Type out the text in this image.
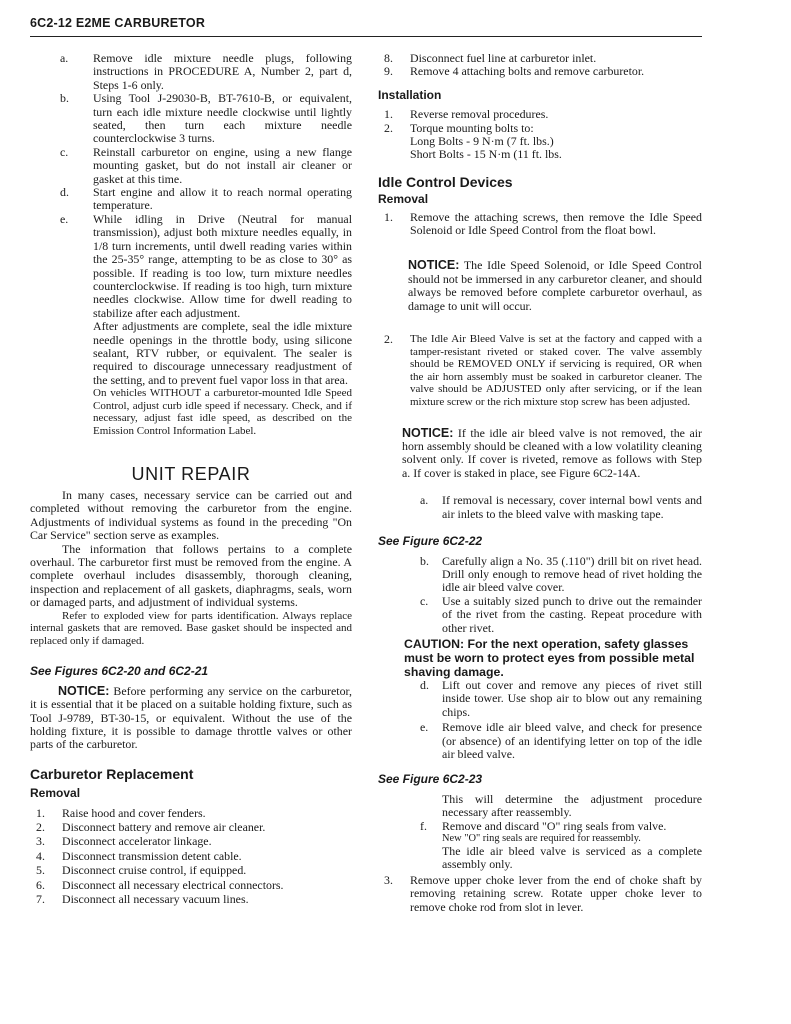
6C2-12 E2ME CARBURETOR
a.	Remove idle mixture needle plugs, following instructions in PROCEDURE A, Number 2, part d, Steps 1-6 only.
b.	Using Tool J-29030-B, BT-7610-B, or equivalent, turn each idle mixture needle clockwise until lightly seated, then turn each mixture needle counterclockwise 3 turns.
c.	Reinstall carburetor on engine, using a new flange mounting gasket, but do not install air cleaner or gasket at this time.
d.	Start engine and allow it to reach normal operating temperature.
e.	While idling in Drive (Neutral for manual transmission), adjust both mixture needles equally, in 1/8 turn increments, until dwell reading varies within the 25-35° range, attempting to be as close to 30° as possible. If reading is too low, turn mixture needles counterclockwise. If reading is too high, turn mixture needles clockwise. Allow time for dwell reading to stabilize after each adjustment.

After adjustments are complete, seal the idle mixture needle openings in the throttle body, using silicone sealant, RTV rubber, or equivalent. The sealer is required to discourage unnecessary readjustment of the setting, and to prevent fuel vapor loss in that area.

On vehicles WITHOUT a carburetor-mounted Idle Speed Control, adjust curb idle speed if necessary. Check, and if necessary, adjust fast idle speed, as described on the Emission Control Information Label.

UNIT REPAIR

In many cases, necessary service can be carried out and completed without removing the carburetor from the engine. Adjustments of individual systems as found in the preceding "On Car Service" section serve as examples.

The information that follows pertains to a complete overhaul. The carburetor first must be removed from the engine. A complete overhaul includes disassembly, thorough cleaning, inspection and replacement of all gaskets, diaphragms, seals, worn or damaged parts, and adjustment of individual systems.

Refer to exploded view for parts identification. Always replace internal gaskets that are removed. Base gasket should be inspected and replaced only if damaged.

See Figures 6C2-20 and 6C2-21

NOTICE: Before performing any service on the carburetor, it is essential that it be placed on a suitable holding fixture, such as Tool J-9789, BT-30-15, or equivalent. Without the use of the holding fixture, it is possible to damage throttle valves or other parts of the carburetor.

Carburetor Replacement

Removal

1.	Raise hood and cover fenders.
2.	Disconnect battery and remove air cleaner.
3.	Disconnect accelerator linkage.
4.	Disconnect transmission detent cable.
5.	Disconnect cruise control, if equipped.
6.	Disconnect all necessary electrical connectors.
7.	Disconnect all necessary vacuum lines.
8.	Disconnect fuel line at carburetor inlet.
9.	Remove 4 attaching bolts and remove carburetor.

Installation

1.	Reverse removal procedures.
2.	Torque mounting bolts to:

Long Bolts - 9 N·m (7 ft. lbs.)

Short Bolts - 15 N·m (11 ft. lbs.

Idle Control Devices

Removal

1.	Remove the attaching screws, then remove the Idle Speed Solenoid or Idle Speed Control from the float bowl.

NOTICE: The Idle Speed Solenoid, or Idle Speed Control should not be immersed in any carburetor cleaner, and should always be removed before complete carburetor overhaul, as damage to unit will occur.

2.	The Idle Air Bleed Valve is set at the factory and capped with a tamper-resistant riveted or staked cover. The valve assembly should be REMOVED ONLY if servicing is required, OR when the air horn assembly must be soaked in carburetor cleaner. The valve should be ADJUSTED only after servicing, or if the lean mixture screw or the rich mixture stop screw has been adjusted.

NOTICE: If the idle air bleed valve is not removed, the air horn assembly should be cleaned with a low volatility cleaning solvent only. If cover is riveted, remove as follows with Step a. If cover is staked in place, see Figure 6C2-14A.

a.	If removal is necessary, cover internal bowl vents and air inlets to the bleed valve with masking tape.

See Figure 6C2-22

b.	Carefully align a No. 35 (.110") drill bit on rivet head. Drill only enough to remove head of rivet holding the idle air bleed valve cover.
c.	Use a suitably sized punch to drive out the remainder of the rivet from the casting. Repeat procedure with other rivet.

CAUTION: For the next operation, safety glasses must be worn to protect eyes from possible metal shaving damage.

d.	Lift out cover and remove any pieces of rivet still inside tower. Use shop air to blow out any remaining chips.
e.	Remove idle air bleed valve, and check for presence (or absence) of an identifying letter on top of the idle air bleed valve.

See Figure 6C2-23

This will determine the adjustment procedure necessary after reassembly.

f.	Remove and discard "O" ring seals from valve.

New "O" ring seals are required for reassembly.

The idle air bleed valve is serviced as a complete assembly only.

3.	Remove upper choke lever from the end of choke shaft by removing retaining screw. Rotate upper choke lever to remove choke rod from slot in lever.
